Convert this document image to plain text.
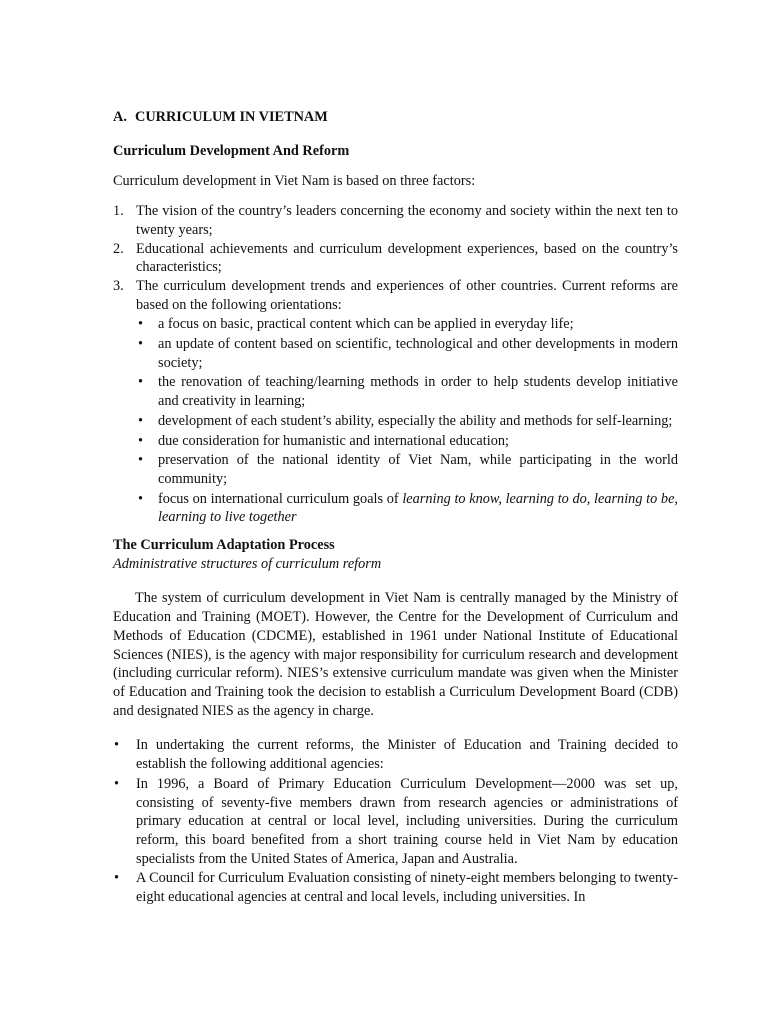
A. CURRICULUM IN VIETNAM

Curriculum Development And Reform

Curriculum development in Viet Nam is based on three factors:

1. The vision of the country’s leaders concerning the economy and society within the next ten to twenty years;
2. Educational achievements and curriculum development experiences, based on the country’s characteristics;
3. The curriculum development trends and experiences of other countries. Current reforms are based on the following orientations:
• a focus on basic, practical content which can be applied in everyday life;
• an update of content based on scientific, technological and other developments in modern society;
• the renovation of teaching/learning methods in order to help students develop initiative and creativity in learning;
• development of each student’s ability, especially the ability and methods for self-learning;
• due consideration for humanistic and international education;
• preservation of the national identity of Viet Nam, while participating in the world community;
• focus on international curriculum goals of learning to know, learning to do, learning to be, learning to live together

The Curriculum Adaptation Process

Administrative structures of curriculum reform

The system of curriculum development in Viet Nam is centrally managed by the Ministry of Education and Training (MOET). However, the Centre for the Development of Curriculum and Methods of Education (CDCME), established in 1961 under National Institute of Educational Sciences (NIES), is the agency with major responsibility for curriculum research and development (including curricular reform). NIES’s extensive curriculum mandate was given when the Minister of Education and Training took the decision to establish a Curriculum Development Board (CDB) and designated NIES as the agency in charge.

• In undertaking the current reforms, the Minister of Education and Training decided to establish the following additional agencies:
• In 1996, a Board of Primary Education Curriculum Development—2000 was set up, consisting of seventy-five members drawn from research agencies or administrations of primary education at central or local level, including universities. During the curriculum reform, this board benefited from a short training course held in Viet Nam by education specialists from the United States of America, Japan and Australia.
• A Council for Curriculum Evaluation consisting of ninety-eight members belonging to twenty-eight educational agencies at central and local levels, including universities. In
